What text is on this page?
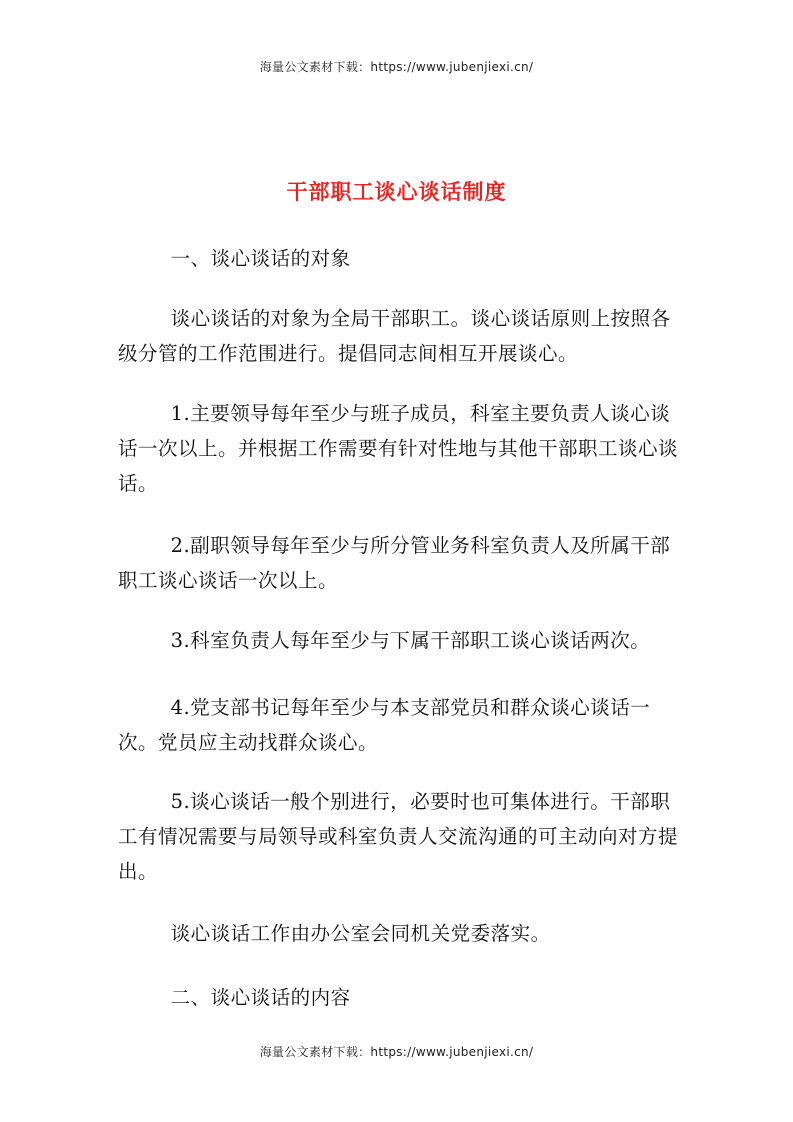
海量公文素材下载：https://www.jubenjiexi.cn/
干部职工谈心谈话制度

一、谈心谈话的对象

谈心谈话的对象为全局干部职工。谈心谈话原则上按照各级分管的工作范围进行。提倡同志间相互开展谈心。

1.主要领导每年至少与班子成员，科室主要负责人谈心谈话一次以上。并根据工作需要有针对性地与其他干部职工谈心谈话。

2.副职领导每年至少与所分管业务科室负责人及所属干部职工谈心谈话一次以上。

3.科室负责人每年至少与下属干部职工谈心谈话两次。

4.党支部书记每年至少与本支部党员和群众谈心谈话一次。党员应主动找群众谈心。

5.谈心谈话一般个别进行，必要时也可集体进行。干部职工有情况需要与局领导或科室负责人交流沟通的可主动向对方提出。

谈心谈话工作由办公室会同机关党委落实。

二、谈心谈话的内容

海量公文素材下载：https://www.jubenjiexi.cn/
